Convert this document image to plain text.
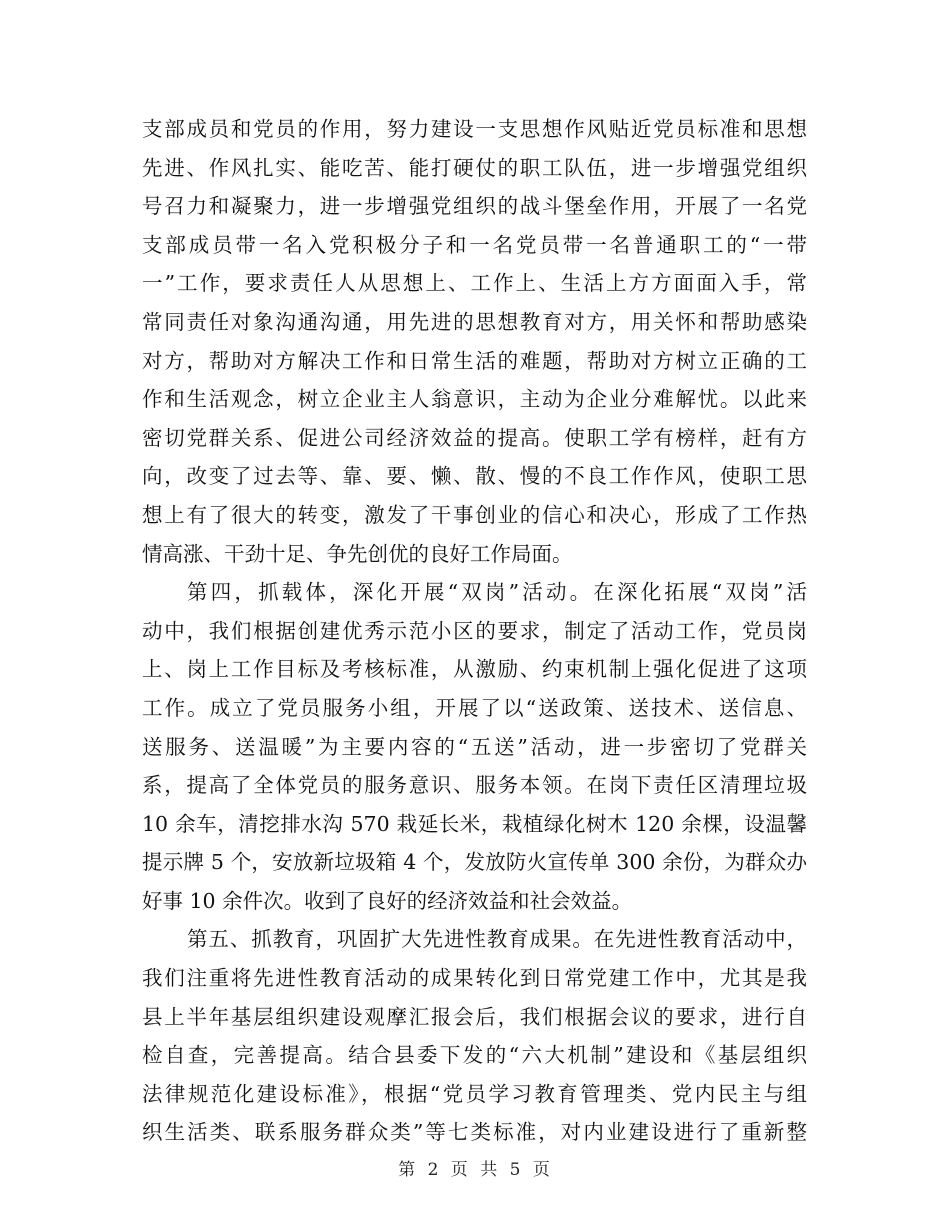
支部成员和党员的作用，努力建设一支思想作风贴近党员标准和思想
先进、作风扎实、能吃苦、能打硬仗的职工队伍，进一步增强党组织
号召力和凝聚力，进一步增强党组织的战斗堡垒作用，开展了一名党
支部成员带一名入党积极分子和一名党员带一名普通职工的“一带
一”工作，要求责任人从思想上、工作上、生活上方方面面入手，常
常同责任对象沟通沟通，用先进的思想教育对方，用关怀和帮助感染
对方，帮助对方解决工作和日常生活的难题，帮助对方树立正确的工
作和生活观念，树立企业主人翁意识，主动为企业分难解忧。以此来
密切党群关系、促进公司经济效益的提高。使职工学有榜样，赶有方
向，改变了过去等、靠、要、懒、散、慢的不良工作作风，使职工思
想上有了很大的转变，激发了干事创业的信心和决心，形成了工作热
情高涨、干劲十足、争先创优的良好工作局面。
第四，抓载体，深化开展“双岗”活动。在深化拓展“双岗”活
动中，我们根据创建优秀示范小区的要求，制定了活动工作，党员岗
上、岗上工作目标及考核标准，从激励、约束机制上强化促进了这项
工作。成立了党员服务小组，开展了以“送政策、送技术、送信息、
送服务、送温暖”为主要内容的“五送”活动，进一步密切了党群关
系，提高了全体党员的服务意识、服务本领。在岗下责任区清理垃圾
10 余车，清挖排水沟 570 栽延长米，栽植绿化树木 120 余棵，设温馨
提示牌 5 个，安放新垃圾箱 4 个，发放防火宣传单 300 余份，为群众办
好事 10 余件次。收到了良好的经济效益和社会效益。
第五、抓教育，巩固扩大先进性教育成果。在先进性教育活动中，
我们注重将先进性教育活动的成果转化到日常党建工作中，尤其是我
县上半年基层组织建设观摩汇报会后，我们根据会议的要求，进行自
检自查，完善提高。结合县委下发的“六大机制”建设和《基层组织
法律规范化建设标准》，根据“党员学习教育管理类、党内民主与组
织生活类、联系服务群众类”等七类标准，对内业建设进行了重新整
第 2 页 共 5 页
